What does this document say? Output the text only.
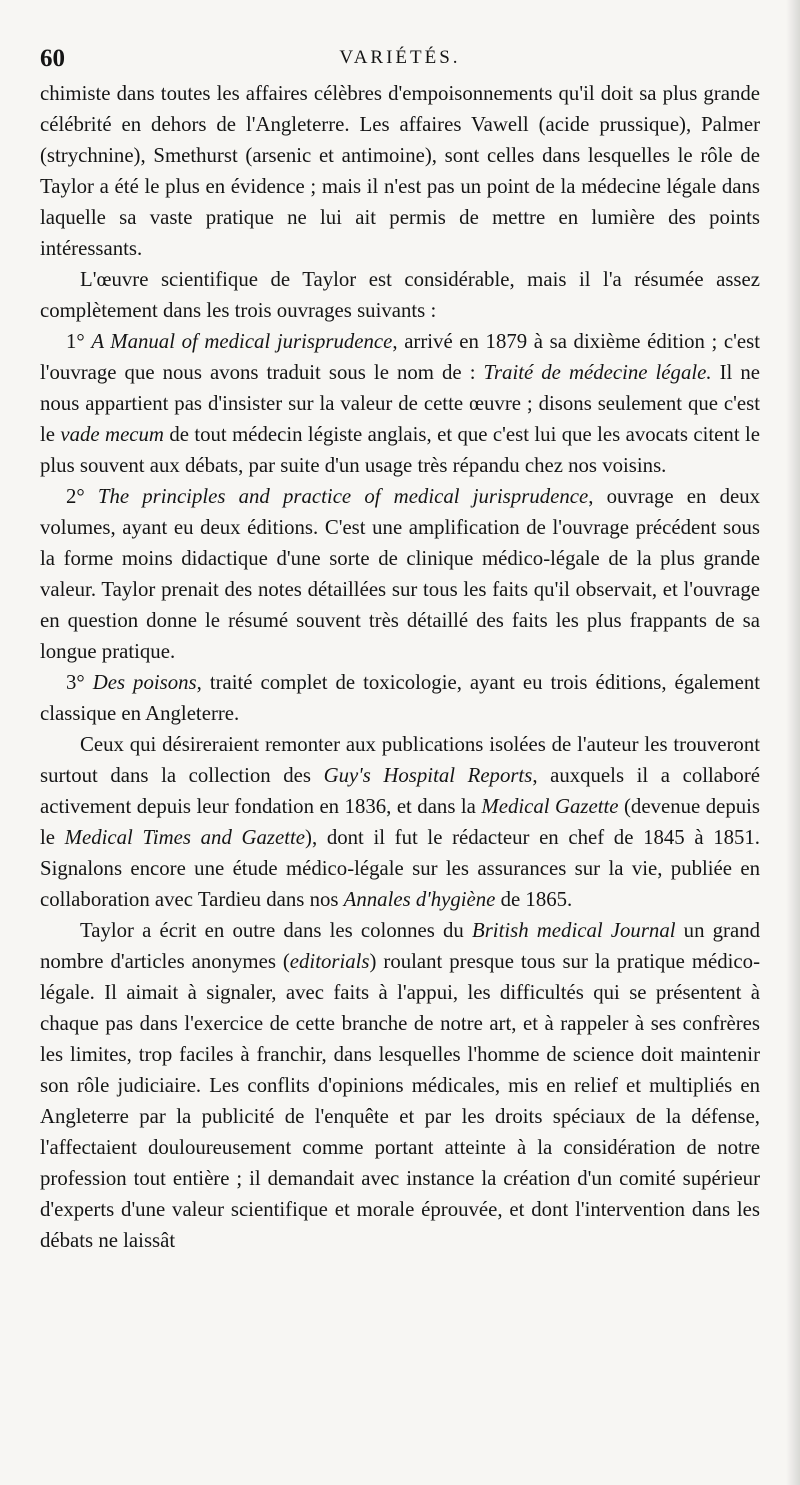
60	VARIÉTÉS.

chimiste dans toutes les affaires célèbres d'empoisonnements qu'il doit sa plus grande célébrité en dehors de l'Angleterre. Les affaires Vawell (acide prussique), Palmer (strychnine), Smethurst (arsenic et antimoine), sont celles dans lesquelles le rôle de Taylor a été le plus en évidence ; mais il n'est pas un point de la médecine légale dans laquelle sa vaste pratique ne lui ait permis de mettre en lumière des points intéressants.

L'œuvre scientifique de Taylor est considérable, mais il l'a résumée assez complètement dans les trois ouvrages suivants :

1° A Manual of medical jurisprudence, arrivé en 1879 à sa dixième édition ; c'est l'ouvrage que nous avons traduit sous le nom de : Traité de médecine légale. Il ne nous appartient pas d'insister sur la valeur de cette œuvre ; disons seulement que c'est le vade mecum de tout médecin légiste anglais, et que c'est lui que les avocats citent le plus souvent aux débats, par suite d'un usage très répandu chez nos voisins.

2° The principles and practice of medical jurisprudence, ouvrage en deux volumes, ayant eu deux éditions. C'est une amplification de l'ouvrage précédent sous la forme moins didactique d'une sorte de clinique médico-légale de la plus grande valeur. Taylor prenait des notes détaillées sur tous les faits qu'il observait, et l'ouvrage en question donne le résumé souvent très détaillé des faits les plus frappants de sa longue pratique.

3° Des poisons, traité complet de toxicologie, ayant eu trois éditions, également classique en Angleterre.

Ceux qui désireraient remonter aux publications isolées de l'auteur les trouveront surtout dans la collection des Guy's Hospital Reports, auxquels il a collaboré activement depuis leur fondation en 1836, et dans la Medical Gazette (devenue depuis le Medical Times and Gazette), dont il fut le rédacteur en chef de 1845 à 1851. Signalons encore une étude médico-légale sur les assurances sur la vie, publiée en collaboration avec Tardieu dans nos Annales d'hygiène de 1865.

Taylor a écrit en outre dans les colonnes du British medical Journal un grand nombre d'articles anonymes (editorials) roulant presque tous sur la pratique médico-légale. Il aimait à signaler, avec faits à l'appui, les difficultés qui se présentent à chaque pas dans l'exercice de cette branche de notre art, et à rappeler à ses confrères les limites, trop faciles à franchir, dans lesquelles l'homme de science doit maintenir son rôle judiciaire. Les conflits d'opinions médicales, mis en relief et multipliés en Angleterre par la publicité de l'enquête et par les droits spéciaux de la défense, l'affectaient douloureusement comme portant atteinte à la considération de notre profession tout entière ; il demandait avec instance la création d'un comité supérieur d'experts d'une valeur scientifique et morale éprouvée, et dont l'intervention dans les débats ne laissât
